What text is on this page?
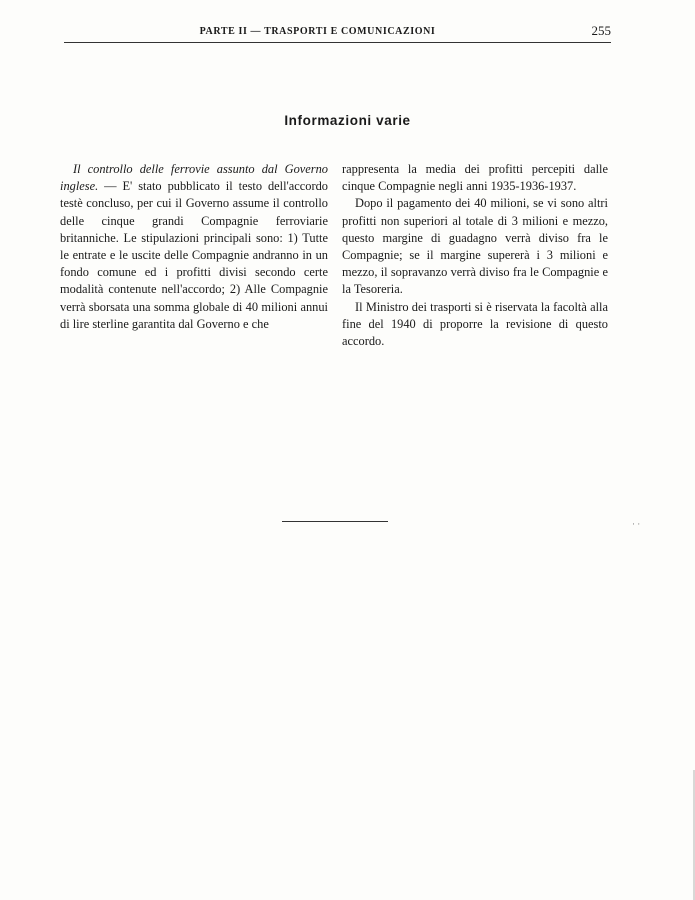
PARTE II — TRASPORTI E COMUNICAZIONI	255
Informazioni varie

Il controllo delle ferrovie assunto dal Governo inglese. — E' stato pubblicato il testo dell'accordo testè concluso, per cui il Governo assume il controllo delle cinque grandi Compagnie ferroviarie britanniche. Le stipulazioni principali sono: 1) Tutte le entrate e le uscite delle Compagnie andranno in un fondo comune ed i profitti divisi secondo certe modalità contenute nell'accordo; 2) Alle Compagnie verrà sborsata una somma globale di 40 milioni annui di lire sterline garantita dal Governo e che

rappresenta la media dei profitti percepiti dalle cinque Compagnie negli anni 1935-1936-1937.

Dopo il pagamento dei 40 milioni, se vi sono altri profitti non superiori al totale di 3 milioni e mezzo, questo margine di guadagno verrà diviso fra le Compagnie; se il margine supererà i 3 milioni e mezzo, il sopravanzo verrà diviso fra le Compagnie e la Tesoreria.

Il Ministro dei trasporti si è riservata la facoltà alla fine del 1940 di proporre la revisione di questo accordo.

· ·
